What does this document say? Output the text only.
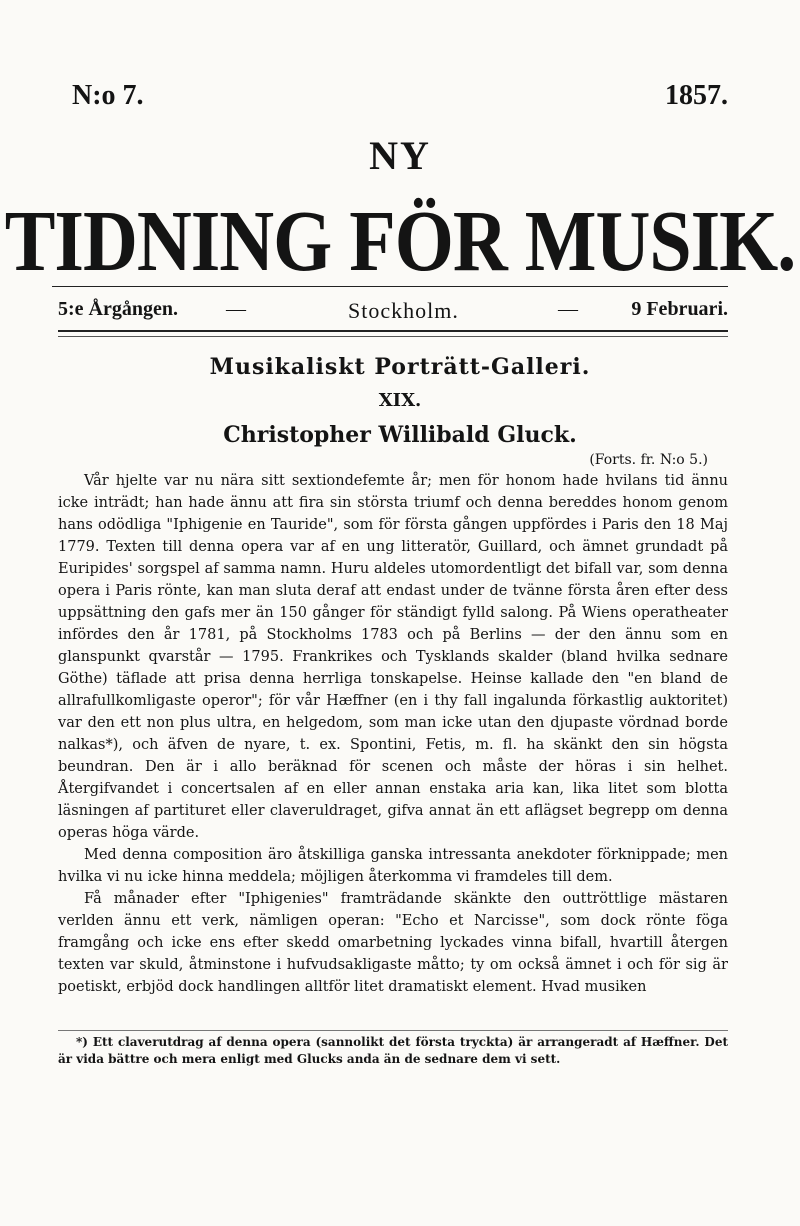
N:o 7.	1857.
NY
TIDNING FÖR MUSIK.
5:e Årgången. —	Stockholm.	—	9 Februari.
Musikaliskt Porträtt-Galleri.
XIX.
Christopher Willibald Gluck.
(Forts. fr. N:o 5.)

Vår hjelte var nu nära sitt sextiondefemte år; men för honom hade hvilans tid ännu icke inträdt; han hade ännu att fira sin största triumf och denna bereddes honom genom hans odödliga "Iphigenie en Tauride", som för första gången uppfördes i Paris den 18 Maj 1779. Texten till denna opera var af en ung litteratör, Guillard, och ämnet grundadt på Euripides' sorgspel af samma namn. Huru aldeles utomordentligt det bifall var, som denna opera i Paris rönte, kan man sluta deraf att endast under de tvänne första åren efter dess uppsättning den gafs mer än 150 gånger för ständigt fylld salong. På Wiens operatheater infördes den år 1781, på Stockholms 1783 och på Berlins — der den ännu som en glanspunkt qvarstår — 1795. Frankrikes och Tysklands skalder (bland hvilka sednare Göthe) täflade att prisa denna herrliga tonskapelse. Heinse kallade den "en bland de allrafullkomligaste operor"; för vår Hæffner (en i thy fall ingalunda förkastlig auktoritet) var den ett non plus ultra, en helgedom, som man icke utan den djupaste vördnad borde nalkas*), och äfven de nyare, t. ex. Spontini, Fetis, m. fl. ha skänkt den sin högsta beundran. Den är i allo beräknad för scenen och måste der höras i sin helhet. Återgifvandet i concertsalen af en eller annan enstaka aria kan, lika litet som blotta läsningen af partituret eller claveruldraget, gifva annat än ett aflägset begrepp om denna operas höga värde.

Med denna composition äro åtskilliga ganska intressanta anekdoter förknippade; men hvilka vi nu icke hinna meddela; möjligen återkomma vi framdeles till dem.

Få månader efter "Iphigenies" framträdande skänkte den outtröttlige mästaren verlden ännu ett verk, nämligen operan: "Echo et Narcisse", som dock rönte föga framgång och icke ens efter skedd omarbetning lyckades vinna bifall, hvartill återgen texten var skuld, åtminstone i hufvudsakligaste måtto; ty om också ämnet i och för sig är poetiskt, erbjöd dock handlingen alltför litet dramatiskt element. Hvad musiken

*) Ett claverutdrag af denna opera (sannolikt det första tryckta) är arrangeradt af Hæffner. Det är vida bättre och mera enligt med Glucks anda än de sednare dem vi sett.
